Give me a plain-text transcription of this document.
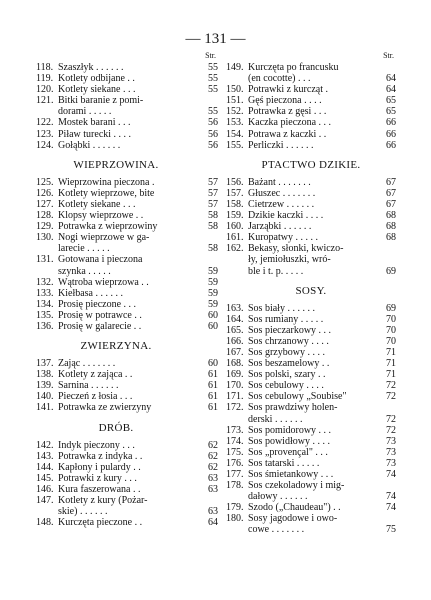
— 131 —
Str.
118. Szaszłyk . . . . . .	55
119. Kotlety odbijane . .	55
120. Kotlety siekane . . .	55
121. Bitki baranie z pomi-
dorami . . . . .	55
122. Mostek barani . . .	56
123. Piław turecki . . . .	56
124. Gołąbki . . . . . .	56
WIEPRZOWINA.
125. Wieprzowina pieczona .	57
126. Kotlety wieprzowe, bite	57
127. Kotlety siekane . . .	57
128. Klopsy wieprzowe . .	58
129. Potrawka z wieprzowiny	58
130. Nogi wieprzowe w ga-
larecie . . . . .	58
131. Gotowana i pieczona
szynka . . . . .	59
132. Wątroba wieprzowa . .	59
133. Kiełbasa . . . . . .	59
134. Prosię pieczone . . .	59
135. Prosię w potrawce . .	60
136. Prosię w galarecie . .	60
ZWIERZYNA.
137. Zając . . . . . . .	60
138. Kotlety z zająca . .	61
139. Sarnina . . . . . .	61
140. Pieczeń z łosia . . .	61
141. Potrawka ze zwierzyny	61
DRÓB.
142. Indyk pieczony . . .	62
143. Potrawka z indyka . .	62
144. Kapłony i pulardy . .	62
145. Potrawki z kury . . .	63
146. Kura faszerowana . .	63
147. Kotlety z kury (Pożar-
skie) . . . . . .	63
148. Kurczęta pieczone . .	64
Str.
149. Kurczęta po francusku
(en cocotte) . . .	64
150. Potrawki z kurcząt .	64
151. Gęś pieczona . . . .	65
152. Potrawka z gęsi . . .	65
153. Kaczka pieczona . . .	66
154. Potrawa z kaczki . .	66
155. Perliczki . . . . . .	66
PTACTWO DZIKIE.
156. Bażant . . . . . . .	67
157. Głuszec . . . . . . .	67
158. Cietrzew . . . . . .	67
159. Dzikie kaczki . . . .	68
160. Jarząbki . . . . . .	68
161. Kuropatwy . . . . .	68
162. Bekasy, słonki, kwiczo-
ły, jemiołuszki, wró-
ble i t. p. . . . .	69
SOSY.
163. Sos biały . . . . . .	69
164. Sos rumiany . . . . .	70
165. Sos pieczarkowy . . .	70
166. Sos chrzanowy . . . .	70
167. Sos grzybowy . . . .	71
168. Sos beszamelowy . .	71
169. Sos polski, szary . .	71
170. Sos cebulowy . . . .	72
171. Sos cebulowy „Soubise"	72
172. Sos prawdziwy holen-
derski . . . . . .	72
173. Sos pomidorowy . . .	72
174. Sos powidłowy . . . .	73
175. Sos „provençal" . . .	73
176. Sos tatarski . . . . .	73
177. Sos śmietankowy . . .	74
178. Sos czekoladowy i mig-
dałowy . . . . . .	74
179. Szodo („Chaudeau") . .	74
180. Sosy jagodowe i owo-
cowe . . . . . . .	75
